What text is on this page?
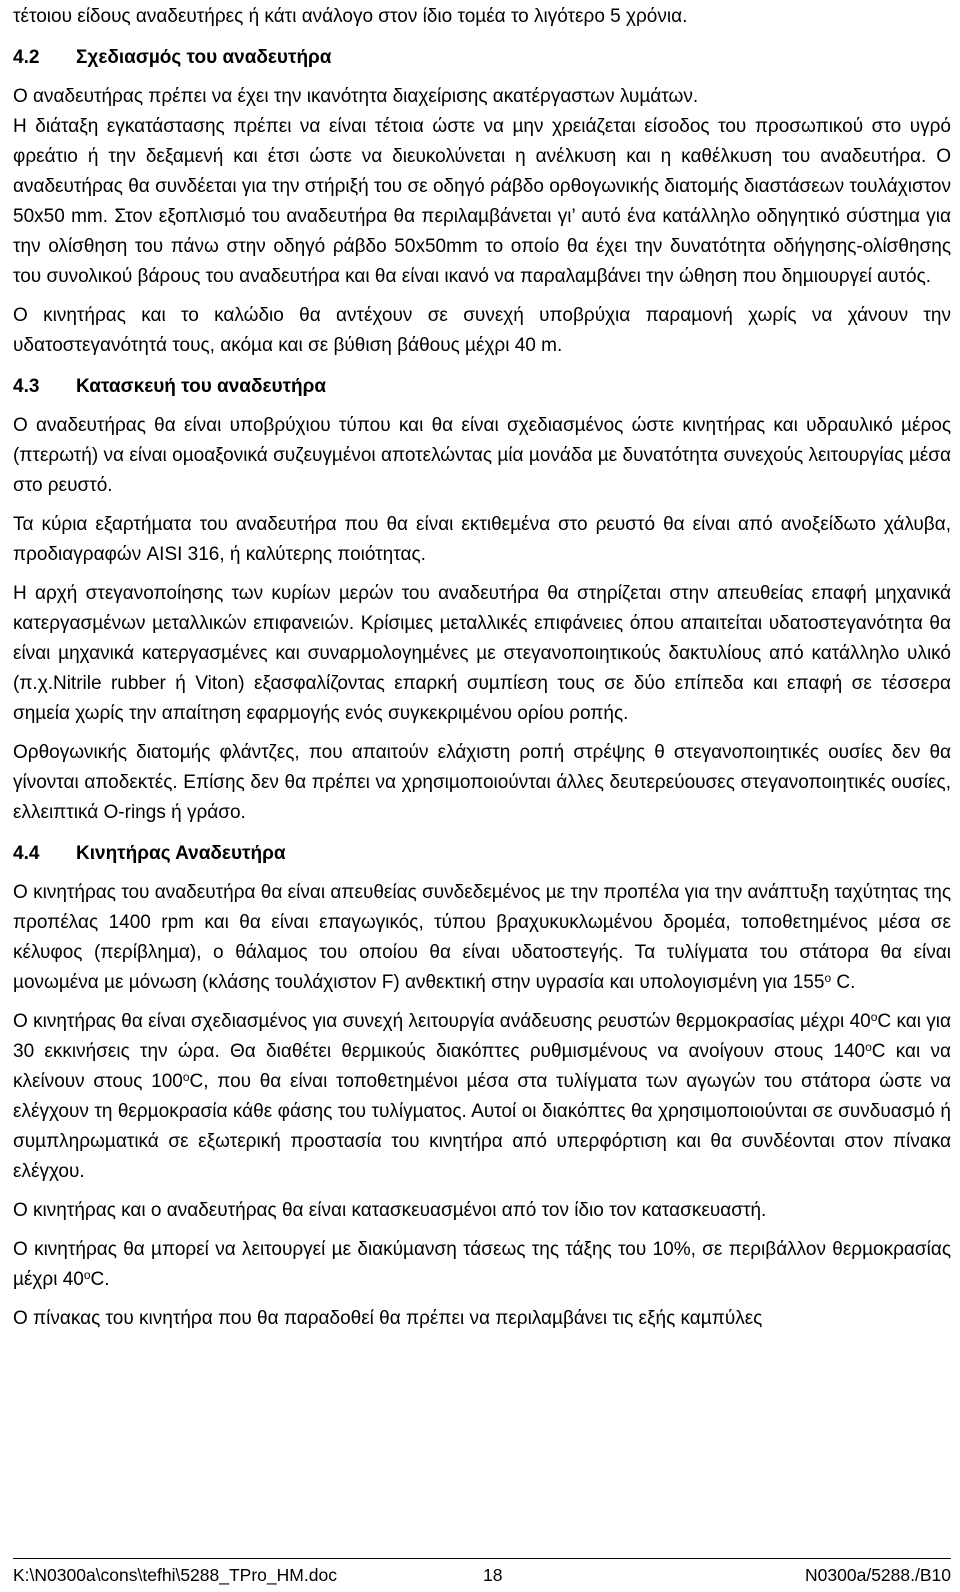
τέτοιου είδους αναδευτήρες ή κάτι ανάλογο στον ίδιο τοµέα το λιγότερο 5 χρόνια.

4.2 Σχεδιασµός του αναδευτήρα

Ο αναδευτήρας πρέπει να έχει την ικανότητα διαχείρισης ακατέργαστων λυµάτων.

Η διάταξη εγκατάστασης πρέπει να είναι τέτοια ώστε να µην χρειάζεται είσοδος του προσωπικού στο υγρό φρεάτιο ή την δεξαµενή και έτσι ώστε να διευκολύνεται η ανέλκυση και η καθέλκυση του αναδευτήρα. Ο αναδευτήρας θα συνδέεται για την στήριξή του σε οδηγό ράβδο ορθογωνικής διατοµής διαστάσεων τουλάχιστον 50x50 mm. Στον εξοπλισµό του αναδευτήρα θα περιλαµβάνεται γι’ αυτό ένα κατάλληλο οδηγητικό σύστηµα για την ολίσθηση του πάνω στην οδηγό ράβδο 50x50mm το οποίο θα έχει την δυνατότητα οδήγησης-ολίσθησης του συνολικού βάρους του αναδευτήρα και θα είναι ικανό να παραλαµβάνει την ώθηση που δηµιουργεί αυτός.

Ο κινητήρας και το καλώδιο θα αντέχουν σε συνεχή υποβρύχια παραµονή χωρίς να χάνουν την υδατοστεγανότητά τους, ακόµα και σε βύθιση βάθους µέχρι 40 m.

4.3 Κατασκευή του αναδευτήρα

Ο αναδευτήρας θα είναι υποβρύχιου τύπου και θα είναι σχεδιασµένος ώστε κινητήρας και υδραυλικό µέρος (πτερωτή) να είναι οµοαξονικά συζευγµένοι αποτελώντας µία µονάδα µε δυνατότητα συνεχούς λειτουργίας µέσα στο ρευστό.

Τα κύρια εξαρτήµατα του αναδευτήρα που θα είναι εκτιθεµένα στο ρευστό θα είναι από ανοξείδωτο χάλυβα, προδιαγραφών AISI 316, ή καλύτερης ποιότητας.

Η αρχή στεγανοποίησης των κυρίων µερών του αναδευτήρα θα στηρίζεται στην απευθείας επαφή µηχανικά κατεργασµένων µεταλλικών επιφανειών. Κρίσιµες µεταλλικές επιφάνειες όπου απαιτείται υδατοστεγανότητα θα είναι µηχανικά κατεργασµένες και συναρµολογηµένες µε στεγανοποιητικούς δακτυλίους από κατάλληλο υλικό (π.χ.Nitrile rubber ή Viton) εξασφαλίζοντας επαρκή συµπίεση τους σε δύο επίπεδα και επαφή σε τέσσερα σηµεία χωρίς την απαίτηση εφαρµογής ενός συγκεκριµένου ορίου ροπής.

Ορθογωνικής διατοµής φλάντζες, που απαιτούν ελάχιστη ροπή στρέψης θ στεγανοποιητικές ουσίες δεν θα γίνονται αποδεκτές. Επίσης δεν θα πρέπει να χρησιµοποιούνται άλλες δευτερεύουσες στεγανοποιητικές ουσίες, ελλειπτικά O-rings ή γράσο.

4.4 Κινητήρας Αναδευτήρα

Ο κινητήρας του αναδευτήρα θα είναι απευθείας συνδεδεµένος µε την προπέλα για την ανάπτυξη ταχύτητας της προπέλας 1400 rpm και θα είναι επαγωγικός, τύπου βραχυκυκλωµένου δροµέα, τοποθετηµένος µέσα σε κέλυφος (περίβληµα), ο θάλαµος του οποίου θα είναι υδατοστεγής. Τα τυλίγµατα του στάτορα θα είναι µονωµένα µε µόνωση (κλάσης τουλάχιστον F) ανθεκτική στην υγρασία και υπολογισµένη για $155^o$ C.

Ο κινητήρας θα είναι σχεδιασµένος για συνεχή λειτουργία ανάδευσης ρευστών θερµοκρασίας µέχρι $40^oC$ και για 30 εκκινήσεις την ώρα. Θα διαθέτει θερµικούς διακόπτες ρυθµισµένους να ανοίγουν στους $140^oC$ και να κλείνουν στους $100^oC$, που θα είναι τοποθετηµένοι µέσα στα τυλίγµατα των αγωγών του στάτορα ώστε να ελέγχουν τη θερµοκρασία κάθε φάσης του τυλίγµατος. Αυτοί οι διακόπτες θα χρησιµοποιούνται σε συνδυασµό ή συµπληρωµατικά σε εξωτερική προστασία του κινητήρα από υπερφόρτιση και θα συνδέονται στον πίνακα ελέγχου.

Ο κινητήρας και ο αναδευτήρας θα είναι κατασκευασµένοι από τον ίδιο τον κατασκευαστή.

Ο κινητήρας θα µπορεί να λειτουργεί µε διακύµανση τάσεως της τάξης του 10%, σε περιβάλλον θερµοκρασίας µέχρι 40$^o$C.

Ο πίνακας του κινητήρα που θα παραδοθεί θα πρέπει να περιλαµβάνει τις εξής καµπύλες

K:\N0300a\cons\tefhi\5288_TPro_HM.doc	18	N0300a/5288./B10
